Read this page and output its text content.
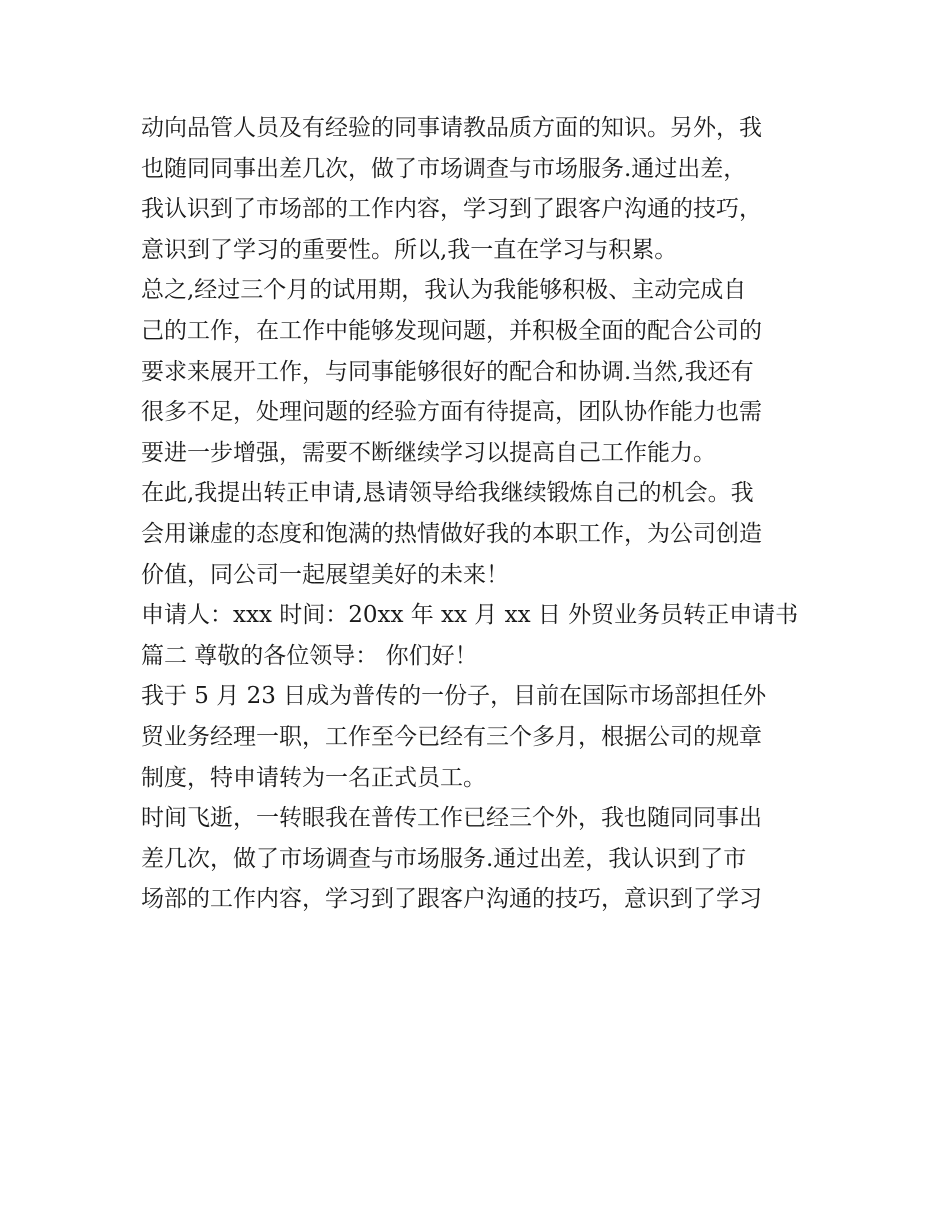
动向品管人员及有经验的同事请教品质方面的知识。另外，我
也随同同事出差几次，做了市场调查与市场服务.通过出差，
我认识到了市场部的工作内容，学习到了跟客户沟通的技巧，
意识到了学习的重要性。所以,我一直在学习与积累。
总之,经过三个月的试用期，我认为我能够积极、主动完成自
己的工作，在工作中能够发现问题，并积极全面的配合公司的
要求来展开工作，与同事能够很好的配合和协调.当然,我还有
很多不足，处理问题的经验方面有待提高，团队协作能力也需
要进一步增强，需要不断继续学习以提高自己工作能力。
在此,我提出转正申请,恳请领导给我继续锻炼自己的机会。我
会用谦虚的态度和饱满的热情做好我的本职工作，为公司创造
价值，同公司一起展望美好的未来！
申请人：xxx 时间：20xx 年 xx 月 xx 日 外贸业务员转正申请书
篇二 尊敬的各位领导： 你们好！
我于 5 月 23 日成为普传的一份子，目前在国际市场部担任外
贸业务经理一职，工作至今已经有三个多月，根据公司的规章
制度，特申请转为一名正式员工。
时间飞逝，一转眼我在普传工作已经三个外，我也随同同事出
差几次，做了市场调查与市场服务.通过出差，我认识到了市
场部的工作内容，学习到了跟客户沟通的技巧，意识到了学习
